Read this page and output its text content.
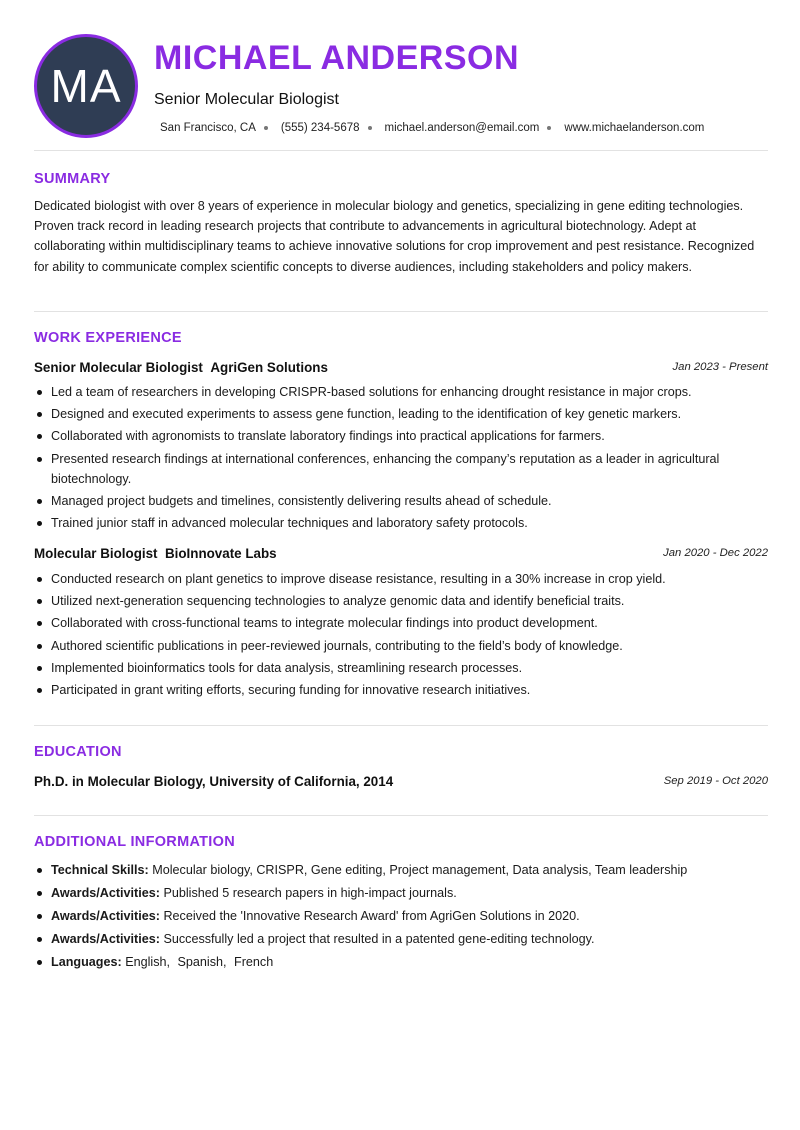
MA
MICHAEL ANDERSON
Senior Molecular Biologist
San Francisco, CA (555) 234-5678 michael.anderson@email.com www.michaelanderson.com
SUMMARY

Dedicated biologist with over 8 years of experience in molecular biology and genetics, specializing in gene editing technologies. Proven track record in leading research projects that contribute to advancements in agricultural biotechnology. Adept at collaborating within multidisciplinary teams to achieve innovative solutions for crop improvement and pest resistance. Recognized for ability to communicate complex scientific concepts to diverse audiences, including stakeholders and policy makers.

WORK EXPERIENCE
Senior Molecular Biologist AgriGen Solutions	Jan 2023 - Present
Led a team of researchers in developing CRISPR-based solutions for enhancing drought resistance in major crops.
Designed and executed experiments to assess gene function, leading to the identification of key genetic markers.
Collaborated with agronomists to translate laboratory findings into practical applications for farmers.
Presented research findings at international conferences, enhancing the company’s reputation as a leader in agricultural biotechnology.
Managed project budgets and timelines, consistently delivering results ahead of schedule.
Trained junior staff in advanced molecular techniques and laboratory safety protocols.
Molecular Biologist BioInnovate Labs	Jan 2020 - Dec 2022
Conducted research on plant genetics to improve disease resistance, resulting in a 30% increase in crop yield.
Utilized next-generation sequencing technologies to analyze genomic data and identify beneficial traits.
Collaborated with cross-functional teams to integrate molecular findings into product development.
Authored scientific publications in peer-reviewed journals, contributing to the field’s body of knowledge.
Implemented bioinformatics tools for data analysis, streamlining research processes.
Participated in grant writing efforts, securing funding for innovative research initiatives.
EDUCATION
Ph.D. in Molecular Biology, University of California, 2014	Sep 2019 - Oct 2020
ADDITIONAL INFORMATION
Technical Skills: Molecular biology, CRISPR, Gene editing, Project management, Data analysis, Team leadership
Awards/Activities: Published 5 research papers in high-impact journals.
Awards/Activities: Received the 'Innovative Research Award' from AgriGen Solutions in 2020.
Awards/Activities: Successfully led a project that resulted in a patented gene-editing technology.
Languages: English, Spanish, French
